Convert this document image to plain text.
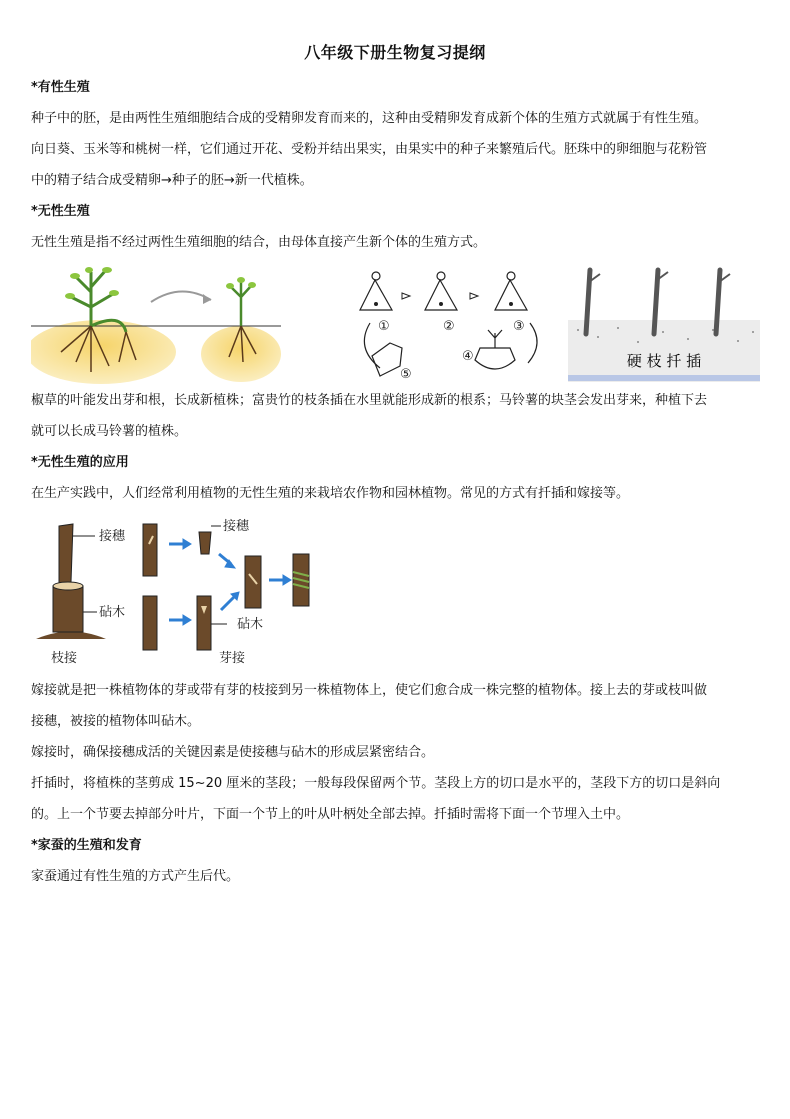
八年级下册生物复习提纲
*有性生殖
种子中的胚，是由两性生殖细胞结合成的受精卵发育而来的，这种由受精卵发育成新个体的生殖方式就属于有性生殖。
向日葵、玉米等和桃树一样，它们通过开花、受粉并结出果实，由果实中的种子来繁殖后代。胚珠中的卵细胞与花粉管
中的精子结合成受精卵→种子的胚→新一代植株。
*无性生殖
无性生殖是指不经过两性生殖细胞的结合，由母体直接产生新个体的生殖方式。
①	②	③
④
⑤
硬 枝 扦 插
椒草的叶能发出芽和根，长成新植株；富贵竹的枝条插在水里就能形成新的根系；马铃薯的块茎会发出芽来，种植下去
就可以长成马铃薯的植株。
*无性生殖的应用
在生产实践中，人们经常利用植物的无性生殖的来栽培农作物和园林植物。常见的方式有扦插和嫁接等。
接穗
砧木
枝接
接穗
砧木
芽接
嫁接就是把一株植物体的芽或带有芽的枝接到另一株植物体上，使它们愈合成一株完整的植物体。接上去的芽或枝叫做
接穗，被接的植物体叫砧木。
嫁接时，确保接穗成活的关键因素是使接穗与砧木的形成层紧密结合。
扦插时，将植株的茎剪成 15~20 厘米的茎段；一般每段保留两个节。茎段上方的切口是水平的，茎段下方的切口是斜向
的。上一个节要去掉部分叶片，下面一个节上的叶从叶柄处全部去掉。扦插时需将下面一个节埋入土中。
*家蚕的生殖和发育
家蚕通过有性生殖的方式产生后代。
